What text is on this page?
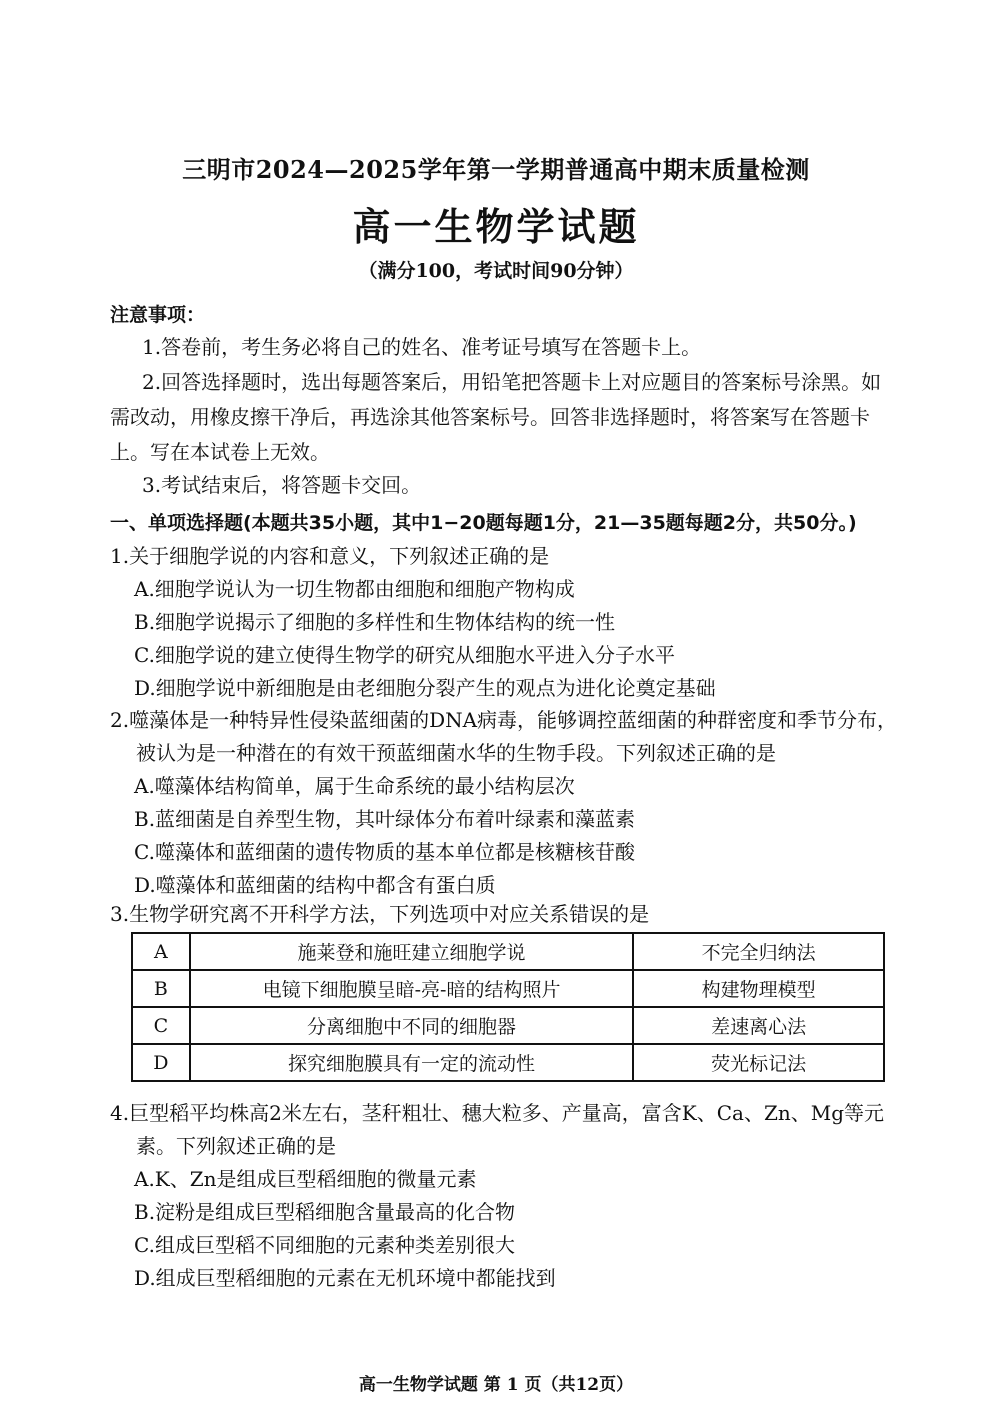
三明市2024—2025学年第一学期普通高中期末质量检测
高一生物学试题
（满分100，考试时间90分钟）
注意事项：
1.答卷前，考生务必将自己的姓名、准考证号填写在答题卡上。
2.回答选择题时，选出每题答案后，用铅笔把答题卡上对应题目的答案标号涂黑。如需改动，用橡皮擦干净后，再选涂其他答案标号。回答非选择题时，将答案写在答题卡上。写在本试卷上无效。
3.考试结束后，将答题卡交回。
一、单项选择题(本题共35小题，其中1−20题每题1分，21—35题每题2分，共50分。)
1.关于细胞学说的内容和意义，下列叙述正确的是
A.细胞学说认为一切生物都由细胞和细胞产物构成
B.细胞学说揭示了细胞的多样性和生物体结构的统一性
C.细胞学说的建立使得生物学的研究从细胞水平进入分子水平
D.细胞学说中新细胞是由老细胞分裂产生的观点为进化论奠定基础
2.噬藻体是一种特异性侵染蓝细菌的DNA病毒，能够调控蓝细菌的种群密度和季节分布，被认为是一种潜在的有效干预蓝细菌水华的生物手段。下列叙述正确的是
A.噬藻体结构简单，属于生命系统的最小结构层次
B.蓝细菌是自养型生物，其叶绿体分布着叶绿素和藻蓝素
C.噬藻体和蓝细菌的遗传物质的基本单位都是核糖核苷酸
D.噬藻体和蓝细菌的结构中都含有蛋白质
3.生物学研究离不开科学方法，下列选项中对应关系错误的是
A	施莱登和施旺建立细胞学说	不完全归纳法
B	电镜下细胞膜呈暗-亮-暗的结构照片	构建物理模型
C	分离细胞中不同的细胞器	差速离心法
D	探究细胞膜具有一定的流动性	荧光标记法
4.巨型稻平均株高2米左右，茎秆粗壮、穗大粒多、产量高，富含K、Ca、Zn、Mg等元素。下列叙述正确的是
A.K、Zn是组成巨型稻细胞的微量元素
B.淀粉是组成巨型稻细胞含量最高的化合物
C.组成巨型稻不同细胞的元素种类差别很大
D.组成巨型稻细胞的元素在无机环境中都能找到
高一生物学试题 第 1 页（共12页）
